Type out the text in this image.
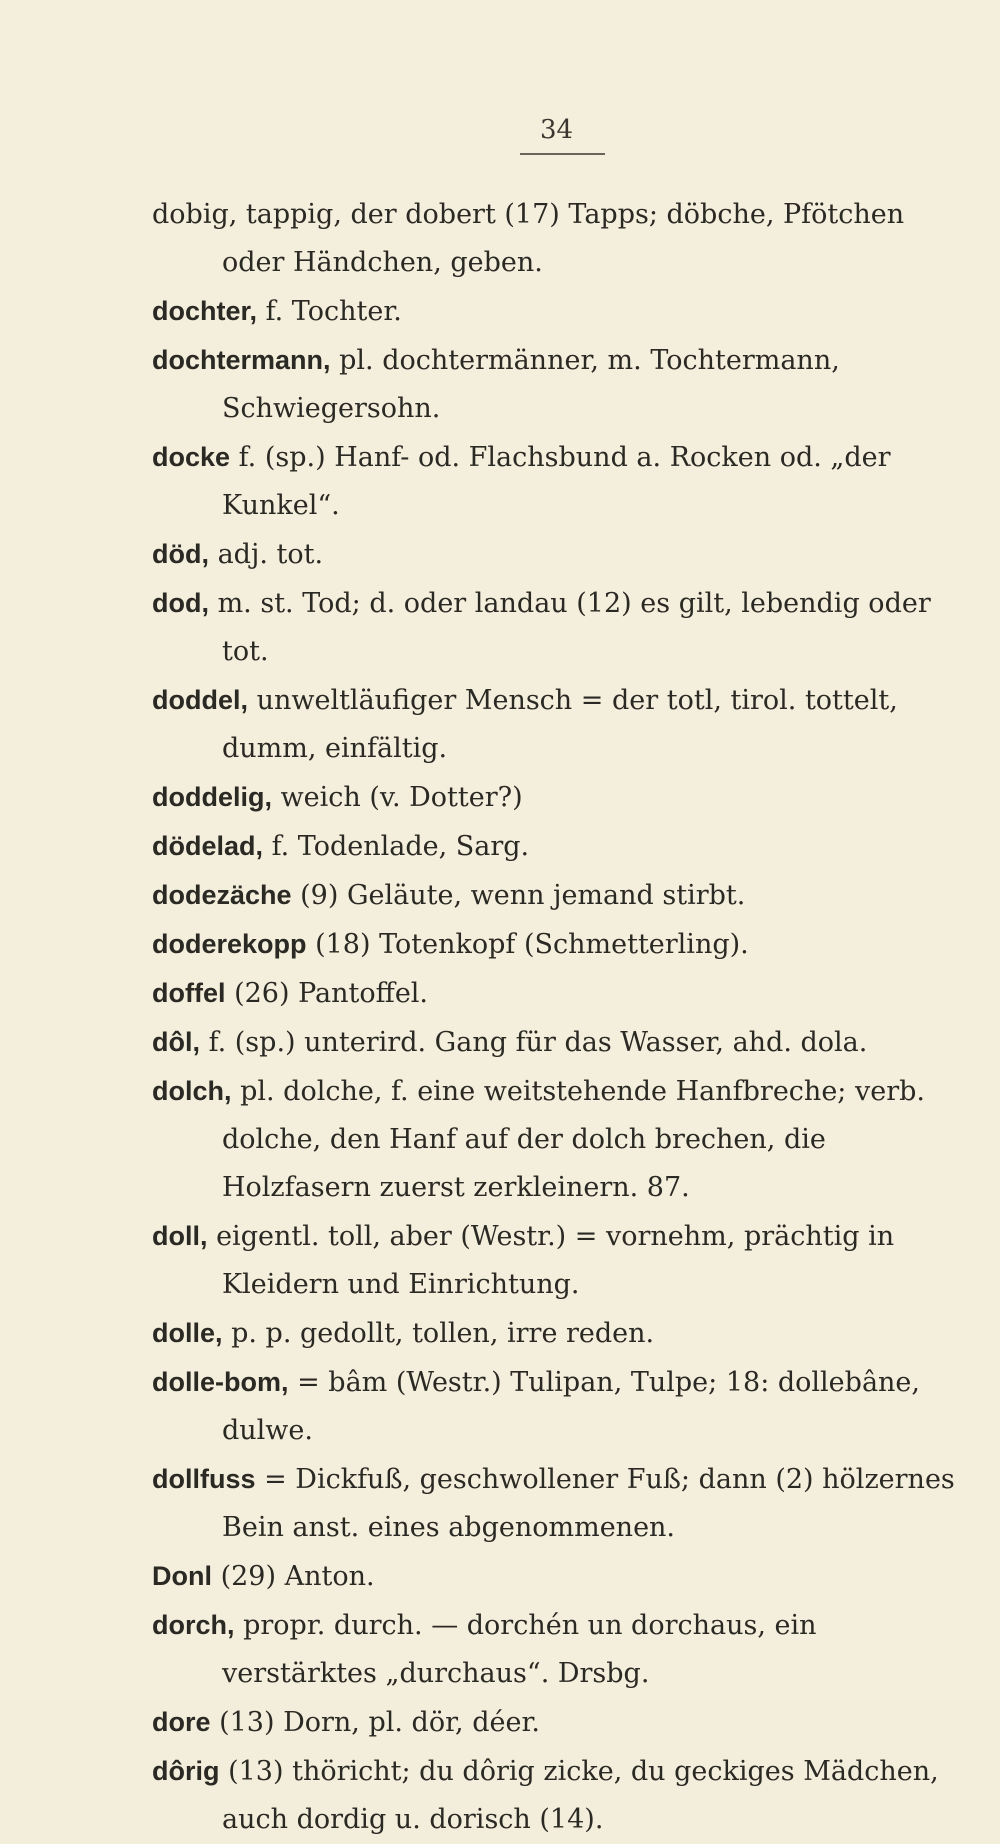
34

dobig, tappig, der dobert (17) Tapps; döbche, Pfötchen oder Händchen, geben.

dochter, f. Tochter.

dochtermann, pl. dochtermänner, m. Tochtermann, Schwiegersohn.

docke f. (sp.) Hanf- od. Flachsbund a. Rocken od. „der Kunkel“.

död, adj. tot.

dod, m. st. Tod; d. oder landau (12) es gilt, lebendig oder tot.

doddel, unweltläufiger Mensch = der totl, tirol. tottelt, dumm, einfältig.

doddelig, weich (v. Dotter?)

dödelad, f. Todenlade, Sarg.

dodezäche (9) Geläute, wenn jemand stirbt.

doderekopp (18) Totenkopf (Schmetterling).

doffel (26) Pantoffel.

dôl, f. (sp.) unterird. Gang für das Wasser, ahd. dola.

dolch, pl. dolche, f. eine weitstehende Hanfbreche; verb. dolche, den Hanf auf der dolch brechen, die Holzfasern zuerst zerkleinern. 87.

doll, eigentl. toll, aber (Westr.) = vornehm, prächtig in Kleidern und Einrichtung.

dolle, p. p. gedollt, tollen, irre reden.

dolle-bom, = bâm (Westr.) Tulipan, Tulpe; 18: dollebâne, dulwe.

dollfuss = Dickfuß, geschwollener Fuß; dann (2) hölzernes Bein anst. eines abgenommenen.

Donl (29) Anton.

dorch, propr. durch. — dorchén un dorchaus, ein verstärktes „durchaus“. Drsbg.

dore (13) Dorn, pl. dör, déer.

dôrig (13) thöricht; du dôrig zicke, du geckiges Mädchen, auch dordig u. dorisch (14).
